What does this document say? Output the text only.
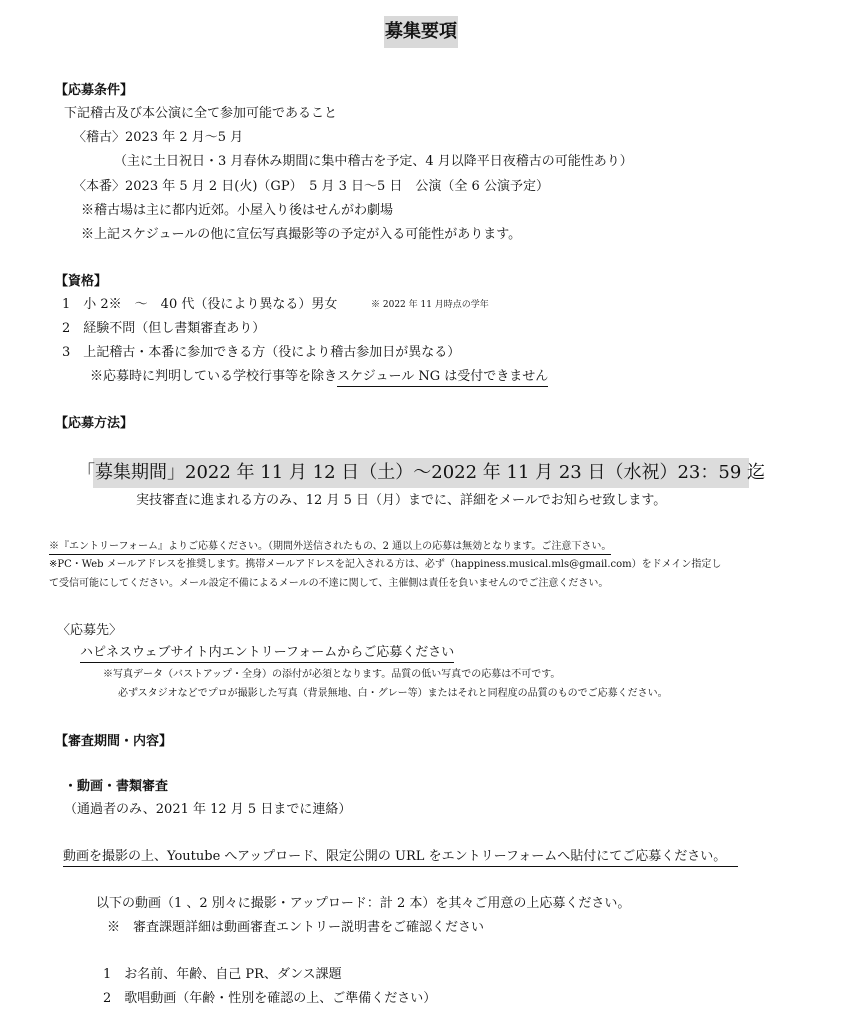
募集要項
【応募条件】
下記稽古及び本公演に全て参加可能であること
〈稽古〉2023 年 2 月〜5 月
（主に土日祝日・3 月春休み期間に集中稽古を予定、4 月以降平日夜稽古の可能性あり）
〈本番〉2023 年 5 月 2 日(火)（GP）　5 月 3 日〜5 日　公演（全 6 公演予定）
※稽古場は主に都内近郊。小屋入り後はせんがわ劇場
※上記スケジュールの他に宣伝写真撮影等の予定が入る可能性があります。
【資格】
1　小 2※　〜　40 代（役により異なる）男女	※ 2022 年 11 月時点の学年
2　経験不問（但し書類審査あり）
3　上記稽古・本番に参加できる方（役により稽古参加日が異なる）
※応募時に判明している学校行事等を除きスケジュール NG は受付できません
【応募方法】
「募集期間」2022 年 11 月 12 日（土）〜2022 年 11 月 23 日（水祝）23：59 迄
実技審査に進まれる方のみ、12 月 5 日（月）までに、詳細をメールでお知らせ致します。
※『エントリーフォーム』よりご応募ください。（期間外送信されたもの、2 通以上の応募は無効となります。ご注意下さい。
※PC・Web メールアドレスを推奨します。携帯メールアドレスを記入される方は、必ず（happiness.musical.mls@gmail.com）をドメイン指定し
て受信可能にしてください。メール設定不備によるメールの不達に関して、主催側は責任を負いませんのでご注意ください。
〈応募先〉
ハピネスウェブサイト内エントリーフォームからご応募ください
※写真データ（バストアップ・全身）の添付が必須となります。品質の低い写真での応募は不可です。
必ずスタジオなどでプロが撮影した写真（背景無地、白・グレー等）またはそれと同程度の品質のものでご応募ください。
【審査期間・内容】
・動画・書類審査
（通過者のみ、2021 年 12 月 5 日までに連絡）
動画を撮影の上、Youtube へアップロード、限定公開の URL をエントリーフォームへ貼付にてご応募ください。
以下の動画（1 、2 別々に撮影・アップロード：計 2 本）を其々ご用意の上応募ください。
※　審査課題詳細は動画審査エントリー説明書をご確認ください
1　お名前、年齢、自己 PR、ダンス課題
2　歌唱動画（年齢・性別を確認の上、ご準備ください）
